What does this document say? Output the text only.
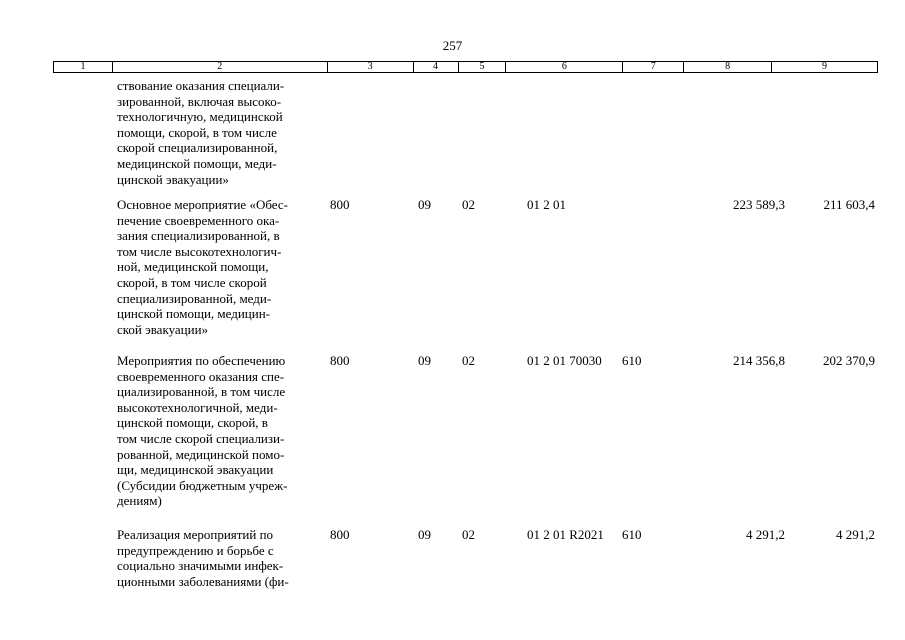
257
1	2	3	4	5	6	7	8	9
ствование оказания специали-
зированной, включая высоко-
технологичную, медицинской
помощи, скорой, в том числе
скорой специализированной,
медицинской помощи, меди-
цинской эвакуации»
Основное мероприятие «Обес-
печение своевременного ока-
зания специализированной, в
том числе высокотехнологич-
ной, медицинской помощи,
скорой, в том числе скорой
специализированной, меди-
цинской помощи, медицин-
ской эвакуации»
800	09 02	01 2 01	223 589,3	211 603,4
Мероприятия по обеспечению
своевременного оказания спе-
циализированной, в том числе
высокотехнологичной, меди-
цинской помощи, скорой, в
том числе скорой специализи-
рованной, медицинской помо-
щи, медицинской эвакуации
(Субсидии бюджетным учреж-
дениям)
800	09 02	01 2 01 70030 610	214 356,8	202 370,9
Реализация мероприятий по
предупреждению и борьбе с
социально значимыми инфек-
ционными заболеваниями (фи-
800	09 02	01 2 01 R2021 610	4 291,2	4 291,2
